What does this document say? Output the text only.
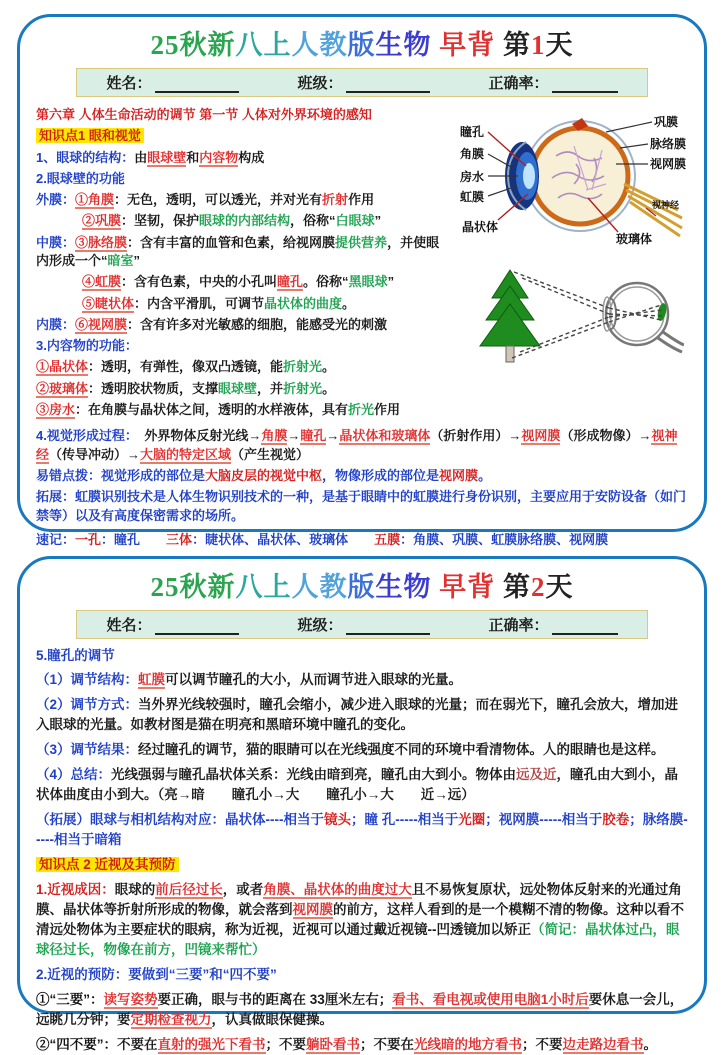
25秋新八上人教版生物 早背 第1天
姓名：	班级：	正确率：

第六章 人体生命活动的调节 第一节 人体对外界环境的感知

知识点1 眼和视觉

1、眼球的结构：由眼球壁和内容物构成

2.眼球壁的功能

外膜：①角膜：无色，透明，可以透光，并对光有折射作用

②巩膜：坚韧，保护眼球的内部结构，俗称“白眼球”

中膜：③脉络膜：含有丰富的血管和色素，给视网膜提供营养，并使眼内形成一个“暗室”

④虹膜：含有色素，中央的小孔叫瞳孔。俗称“黑眼球”

⑤睫状体：内含平滑肌，可调节晶状体的曲度。

内膜：⑥视网膜：含有许多对光敏感的细胞，能感受光的刺激

3.内容物的功能：

①晶状体：透明，有弹性，像双凸透镜，能折射光。

②玻璃体：透明胶状物质，支撑眼球壁，并折射光。

③房水：在角膜与晶状体之间，透明的水样液体，具有折光作用

瞳孔
角膜
房水
虹膜
晶状体
巩膜
脉络膜
视网膜
视神经
玻璃体

4.视觉形成过程：　外界物体反射光线→角膜→瞳孔→晶状体和玻璃体（折射作用）→视网膜（形成物像）→视神经（传导冲动）→大脑的特定区域（产生视觉）

易错点拨：视觉形成的部位是大脑皮层的视觉中枢，物像形成的部位是视网膜。

拓展：虹膜识别技术是人体生物识别技术的一种，是基于眼睛中的虹膜进行身份识别，主要应用于安防设备（如门禁等）以及有高度保密需求的场所。

速记：一孔：瞳孔　　三体：睫状体、晶状体、玻璃体　　五膜：角膜、巩膜、虹膜脉络膜、视网膜

25秋新八上人教版生物 早背 第2天
姓名：	班级：	正确率：

5.瞳孔的调节

（1）调节结构：虹膜可以调节瞳孔的大小，从而调节进入眼球的光量。

（2）调节方式：当外界光线较强时，瞳孔会缩小，减少进入眼球的光量；而在弱光下，瞳孔会放大，增加进入眼球的光量。如教材图是猫在明亮和黑暗环境中瞳孔的变化。

（3）调节结果：经过瞳孔的调节，猫的眼睛可以在光线强度不同的环境中看清物体。人的眼睛也是这样。

（4）总结：光线强弱与瞳孔晶状体关系：光线由暗到亮，瞳孔由大到小。物体由远及近，瞳孔由大到小，晶状体曲度由小到大。（亮→暗　　瞳孔小→大　　瞳孔小→大　　近→远）

（拓展）眼球与相机结构对应：晶状体----相当于镜头；瞳 孔-----相当于光圈；视网膜-----相当于胶卷；脉络膜-----相当于暗箱

知识点 2 近视及其预防

1.近视成因：眼球的前后径过长，或者角膜、晶状体的曲度过大且不易恢复原状，远处物体反射来的光通过角膜、晶状体等折射所形成的物像，就会落到视网膜的前方，这样人看到的是一个模糊不清的物像。这种以看不清远处物体为主要症状的眼病，称为近视，近视可以通过戴近视镜--凹透镜加以矫正（简记：晶状体过凸，眼球径过长，物像在前方，凹镜来帮忙）

2.近视的预防：要做到“三要”和“四不要”

①“三要”：读写姿势要正确，眼与书的距离在 33厘米左右；看书、看电视或使用电脑1小时后要休息一会儿，远眺几分钟；要定期检查视力，认真做眼保健操。

②“四不要”：不要在直射的强光下看书；不要躺卧看书；不要在光线暗的地方看书；不要边走路边看书。
